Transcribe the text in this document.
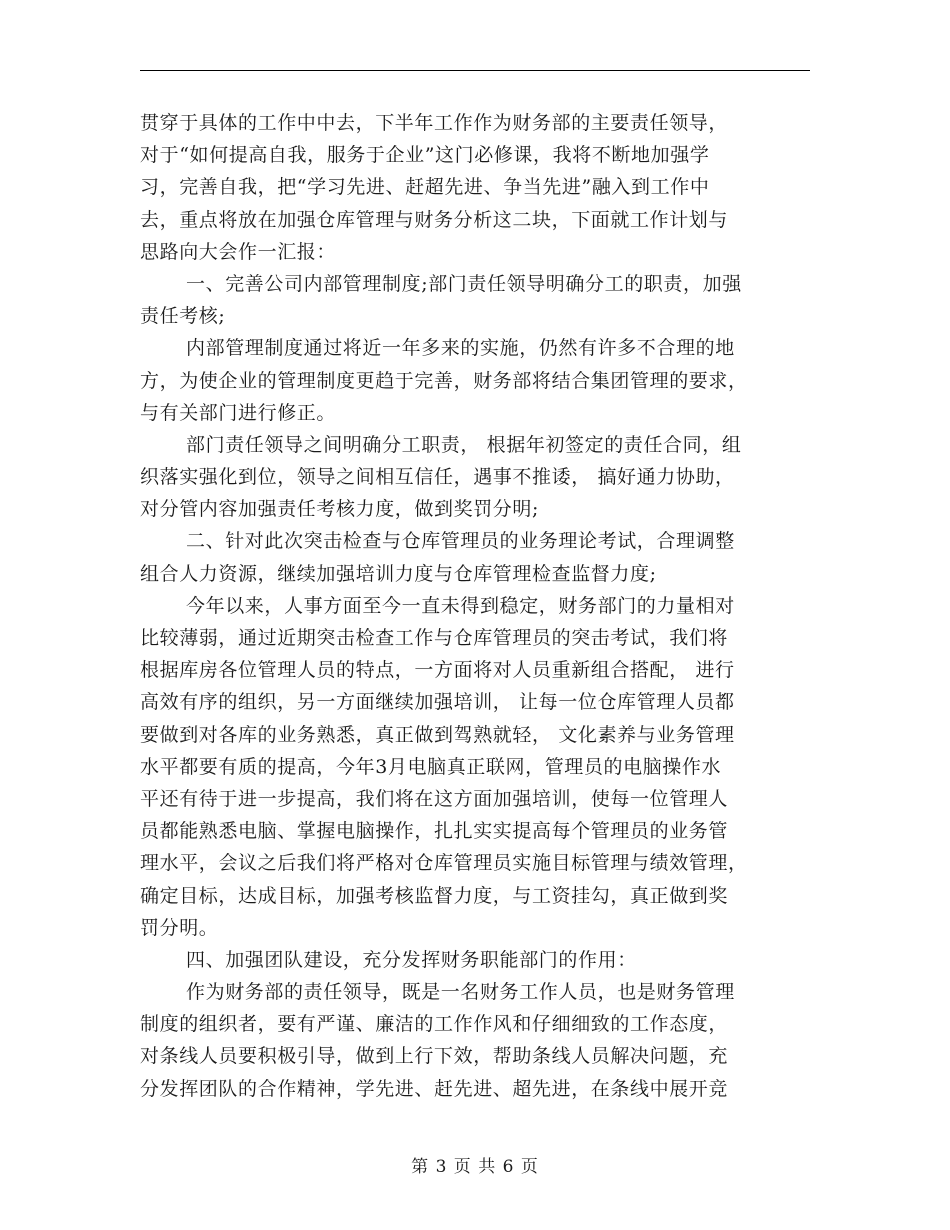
贯穿于具体的工作中中去，下半年工作作为财务部的主要责任领导，
对于“如何提高自我，服务于企业”这门必修课，我将不断地加强学
习，完善自我，把“学习先进、赶超先进、争当先进”融入到工作中
去，重点将放在加强仓库管理与财务分析这二块，下面就工作计划与
思路向大会作一汇报：
一、完善公司内部管理制度;部门责任领导明确分工的职责，加强
责任考核;
内部管理制度通过将近一年多来的实施，仍然有许多不合理的地
方，为使企业的管理制度更趋于完善，财务部将结合集团管理的要求，
与有关部门进行修正。
部门责任领导之间明确分工职责， 根据年初签定的责任合同，组
织落实强化到位，领导之间相互信任，遇事不推诿， 搞好通力协助，
对分管内容加强责任考核力度，做到奖罚分明;
二、针对此次突击检查与仓库管理员的业务理论考试，合理调整
组合人力资源，继续加强培训力度与仓库管理检查监督力度;
今年以来，人事方面至今一直未得到稳定，财务部门的力量相对
比较薄弱，通过近期突击检查工作与仓库管理员的突击考试，我们将
根据库房各位管理人员的特点，一方面将对人员重新组合搭配， 进行
高效有序的组织，另一方面继续加强培训， 让每一位仓库管理人员都
要做到对各库的业务熟悉，真正做到驾熟就轻， 文化素养与业务管理
水平都要有质的提高，今年3月电脑真正联网，管理员的电脑操作水
平还有待于进一步提高，我们将在这方面加强培训，使每一位管理人
员都能熟悉电脑、掌握电脑操作，扎扎实实提高每个管理员的业务管
理水平，会议之后我们将严格对仓库管理员实施目标管理与绩效管理，
确定目标，达成目标，加强考核监督力度，与工资挂勾，真正做到奖
罚分明。
四、加强团队建设，充分发挥财务职能部门的作用：
作为财务部的责任领导，既是一名财务工作人员，也是财务管理
制度的组织者，要有严谨、廉洁的工作作风和仔细细致的工作态度，
对条线人员要积极引导，做到上行下效，帮助条线人员解决问题，充
分发挥团队的合作精神，学先进、赶先进、超先进，在条线中展开竞
第 3 页 共 6 页
